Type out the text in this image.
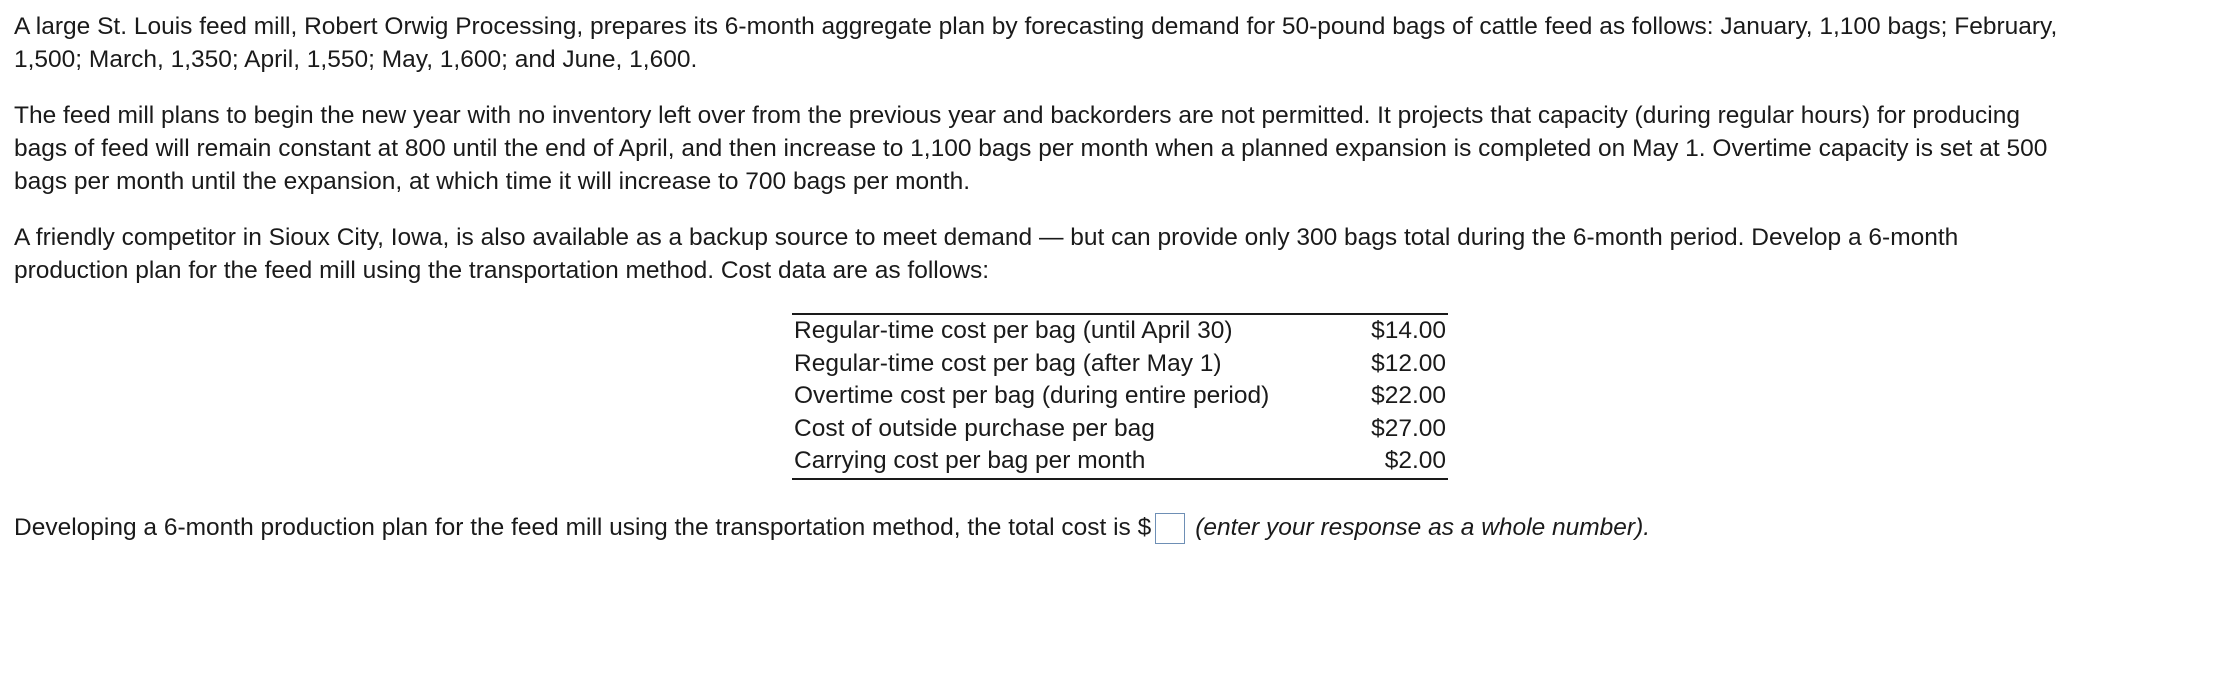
A large St. Louis feed mill, Robert Orwig Processing, prepares its 6-month aggregate plan by forecasting demand for 50-pound bags of cattle feed as follows: January, 1,100 bags; February,
1,500; March, 1,350; April, 1,550; May, 1,600; and June, 1,600.

The feed mill plans to begin the new year with no inventory left over from the previous year and backorders are not permitted. It projects that capacity (during regular hours) for producing
bags of feed will remain constant at 800 until the end of April, and then increase to 1,100 bags per month when a planned expansion is completed on May 1. Overtime capacity is set at 500
bags per month until the expansion, at which time it will increase to 700 bags per month.

A friendly competitor in Sioux City, Iowa, is also available as a backup source to meet demand — but can provide only 300 bags total during the 6-month period. Develop a 6-month
production plan for the feed mill using the transportation method. Cost data are as follows:

Regular-time cost per bag (until April 30)	$14.00
Regular-time cost per bag (after May 1)	$12.00
Overtime cost per bag (during entire period)	$22.00
Cost of outside purchase per bag	$27.00
Carrying cost per bag per month	$2.00
Developing a 6-month production plan for the feed mill using the transportation method, the total cost is $ (enter your response as a whole number).
